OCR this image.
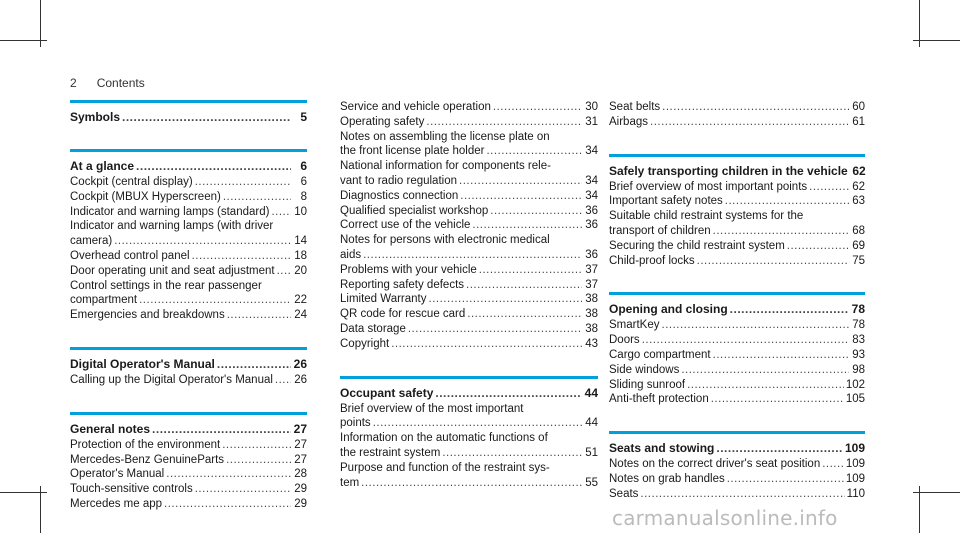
2 Contents
Symbols .....	5
At a glance .....	6
Cockpit (central display) .....	6
Cockpit (MBUX Hyperscreen) .....	8
Indicator and warning lamps (standard) ..... 10
Indicator and warning lamps (with driver
camera) .....	14
Overhead control panel .....	18
Door operating unit and seat adjustment ..... 20
Control settings in the rear passenger
compartment .....	22
Emergencies and breakdowns .....	24
Digital Operator's Manual .....	26
Calling up the Digital Operator's Manual ..... 26
General notes .....	27
Protection of the environment .....	27
Mercedes-Benz GenuineParts .....	27
Operator's Manual .....	28
Touch-sensitive controls .....	29
Mercedes me app .....	29
Service and vehicle operation .....	30
Operating safety .....	31
Notes on assembling the license plate on
the front license plate holder .....	34
National information for components rele-
vant to radio regulation .....	34
Diagnostics connection .....	34
Qualified specialist workshop .....	36
Correct use of the vehicle .....	36
Notes for persons with electronic medical
aids .....	36
Problems with your vehicle .....	37
Reporting safety defects .....	37
Limited Warranty .....	38
QR code for rescue card .....	38
Data storage .....	38
Copyright .....	43
Occupant safety .....	44
Brief overview of the most important
points .....	44
Information on the automatic functions of
the restraint system .....	51
Purpose and function of the restraint sys-
tem .....	55
Seat belts .....	60
Airbags .....	61
Safely transporting children in the vehicle 62
Brief overview of most important points .....	62
Important safety notes .....	63
Suitable child restraint systems for the
transport of children .....	68
Securing the child restraint system .....	69
Child-proof locks .....	75
Opening and closing .....	78
SmartKey .....	78
Doors .....	83
Cargo compartment .....	93
Side windows .....	98
Sliding sunroof .....	102
Anti-theft protection .....	105
Seats and stowing .....	109
Notes on the correct driver's seat position ..... 109
Notes on grab handles .....	109
Seats .....	110
carmanualsonline.info
